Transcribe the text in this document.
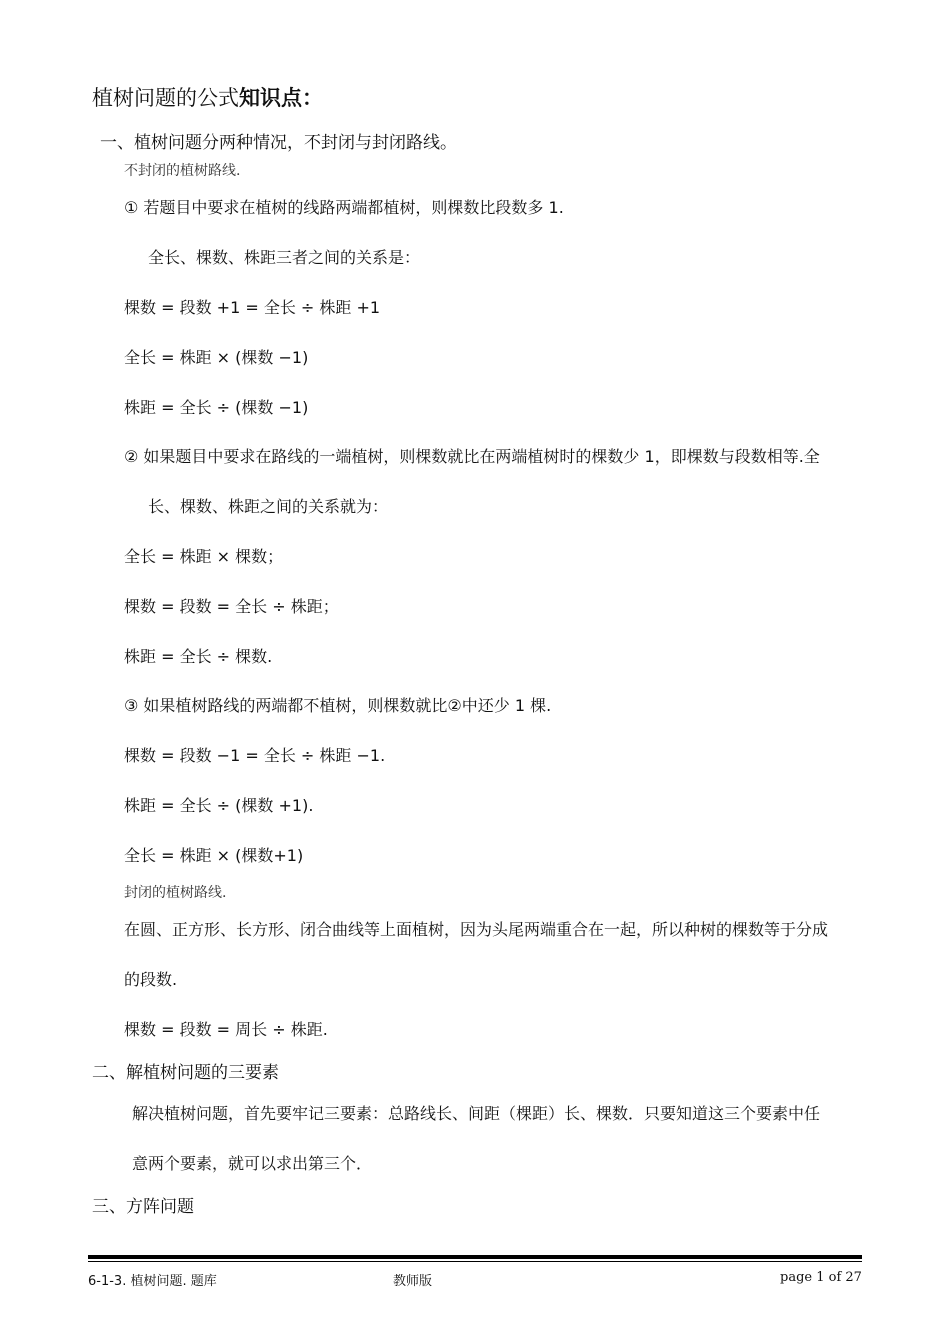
植树问题的公式知识点：
一、植树问题分两种情况，不封闭与封闭路线。
不封闭的植树路线.
① 若题目中要求在植树的线路两端都植树，则棵数比段数多 1.
全长、棵数、株距三者之间的关系是：
棵数 = 段数 +1 = 全长 ÷ 株距 +1
全长 = 株距 × (棵数 −1)
株距 = 全长 ÷ (棵数 −1)
② 如果题目中要求在路线的一端植树，则棵数就比在两端植树时的棵数少 1，即棵数与段数相等.全
长、棵数、株距之间的关系就为：
全长 = 株距 × 棵数；
棵数 = 段数 = 全长 ÷ 株距；
株距 = 全长 ÷ 棵数.
③ 如果植树路线的两端都不植树，则棵数就比②中还少 1 棵.
棵数 = 段数 −1 = 全长 ÷ 株距 −1.
株距 = 全长 ÷ (棵数 +1).
全长 = 株距 × (棵数+1)
封闭的植树路线.
在圆、正方形、长方形、闭合曲线等上面植树，因为头尾两端重合在一起，所以种树的棵数等于分成
的段数.
棵数 = 段数 = 周长 ÷ 株距.
二、解植树问题的三要素
解决植树问题，首先要牢记三要素：总路线长、间距（棵距）长、棵数．只要知道这三个要素中任
意两个要素，就可以求出第三个．
三、方阵问题
6-1-3. 植树问题. 题库	教师版	page 1 of 27
